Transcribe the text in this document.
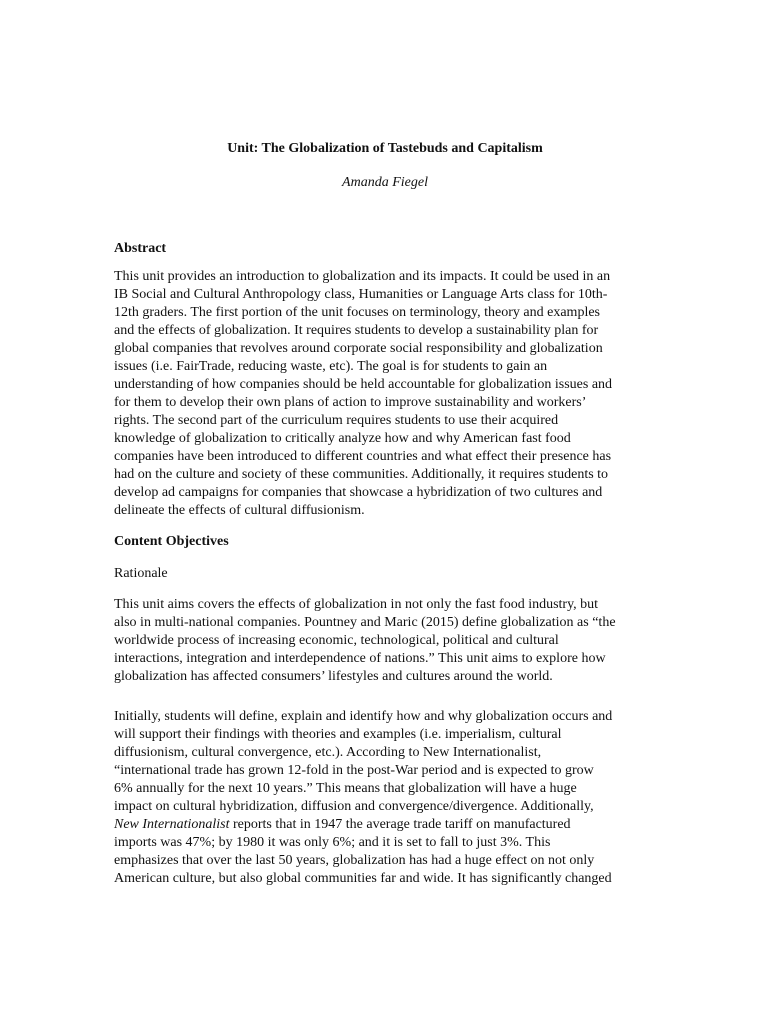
Unit: The Globalization of Tastebuds and Capitalism
Amanda Fiegel
Abstract
This unit provides an introduction to globalization and its impacts. It could be used in an
IB Social and Cultural Anthropology class, Humanities or Language Arts class for 10th-
12th graders. The first portion of the unit focuses on terminology, theory and examples
and the effects of globalization. It requires students to develop a sustainability plan for
global companies that revolves around corporate social responsibility and globalization
issues (i.e. FairTrade, reducing waste, etc). The goal is for students to gain an
understanding of how companies should be held accountable for globalization issues and
for them to develop their own plans of action to improve sustainability and workers’
rights. The second part of the curriculum requires students to use their acquired
knowledge of globalization to critically analyze how and why American fast food
companies have been introduced to different countries and what effect their presence has
had on the culture and society of these communities. Additionally, it requires students to
develop ad campaigns for companies that showcase a hybridization of two cultures and
delineate the effects of cultural diffusionism.
Content Objectives
Rationale
This unit aims covers the effects of globalization in not only the fast food industry, but
also in multi-national companies. Pountney and Maric (2015) define globalization as “the
worldwide process of increasing economic, technological, political and cultural
interactions, integration and interdependence of nations.” This unit aims to explore how
globalization has affected consumers’ lifestyles and cultures around the world.
Initially, students will define, explain and identify how and why globalization occurs and
will support their findings with theories and examples (i.e. imperialism, cultural
diffusionism, cultural convergence, etc.). According to New Internationalist,
“international trade has grown 12-fold in the post-War period and is expected to grow
6% annually for the next 10 years.” This means that globalization will have a huge
impact on cultural hybridization, diffusion and convergence/divergence. Additionally,
New Internationalist reports that in 1947 the average trade tariff on manufactured
imports was 47%; by 1980 it was only 6%; and it is set to fall to just 3%. This
emphasizes that over the last 50 years, globalization has had a huge effect on not only
American culture, but also global communities far and wide. It has significantly changed
